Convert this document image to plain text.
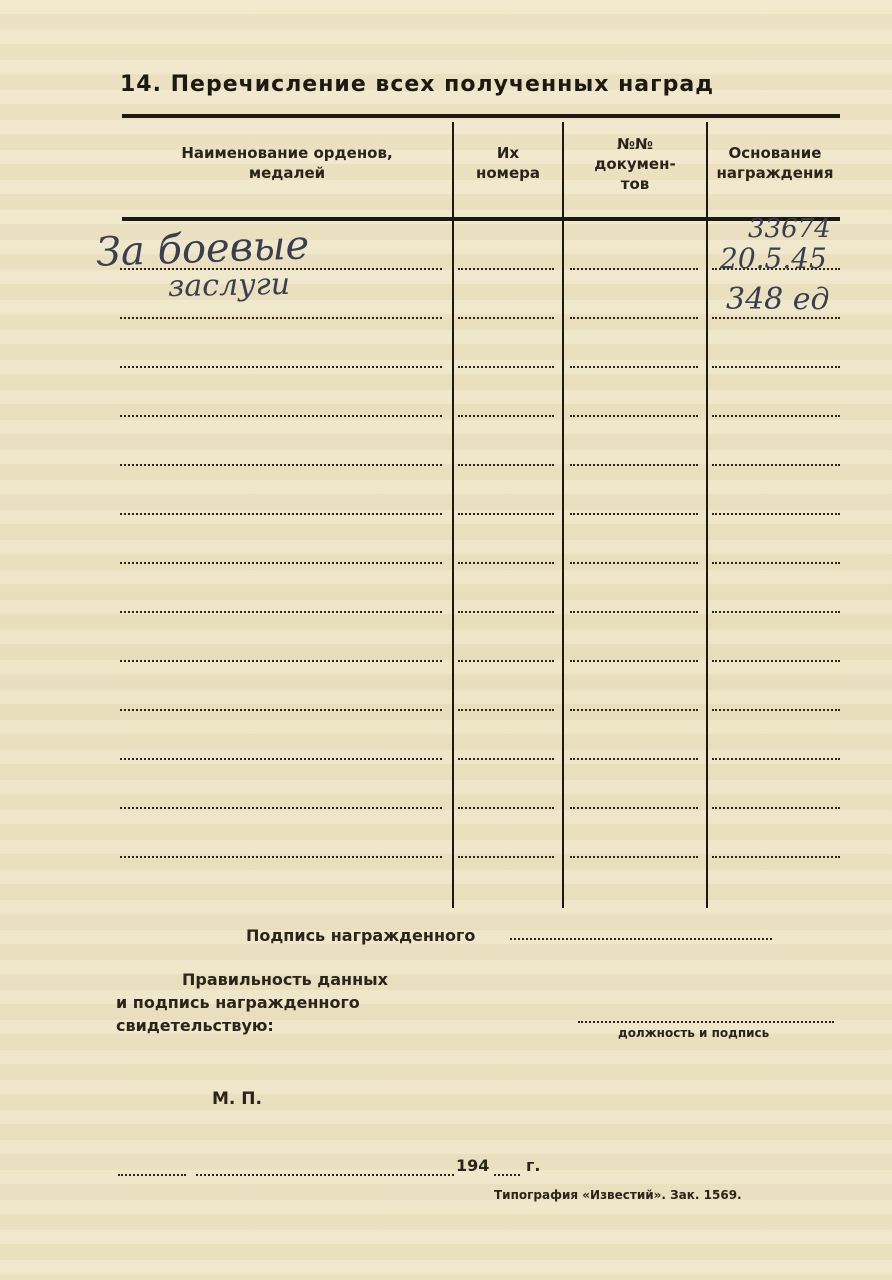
14. Перечисление всех полученных наград
Наименование орденов,
медалей
Их
номера
№№
докумен-
тов
Основание
награждения
За боевые
заслуги
33674
20.5.45
348 ед
Подпись награжденного
Правильность данных
и подпись награжденного
свидетельствую:	должность и подпись
М. П.
194 г.
Типография «Известий». Зак. 1569.
